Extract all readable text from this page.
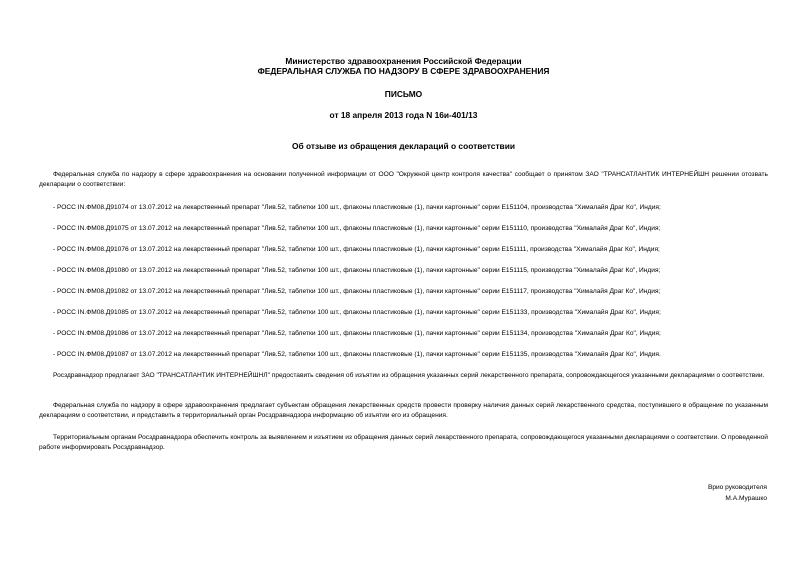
Министерство здравоохранения Российской Федерации
ФЕДЕРАЛЬНАЯ СЛУЖБА ПО НАДЗОРУ В СФЕРЕ ЗДРАВООХРАНЕНИЯ
ПИСЬМО
от 18 апреля 2013 года N 16и-401/13
Об отзыве из обращения деклараций о соответствии
Федеральная служба по надзору в сфере здравоохранения на основании полученной информации от ООО "Окружной центр контроля качества" сообщает о принятом ЗАО "ТРАНСАТЛАНТИК ИНТЕРНЕЙШН решении отозвать декларации о соответствии:
- РОСС IN.ФМ08.Д91074 от 13.07.2012 на лекарственный препарат "Лив.52, таблетки 100 шт., флаконы пластиковые (1), пачки картонные" серии Е151104, производства "Хималайя Драг Ко", Индия;
- РОСС IN.ФМ08.Д91075 от 13.07.2012 на лекарственный препарат "Лив.52, таблетки 100 шт., флаконы пластиковые (1), пачки картонные" серии Е151110, производства "Хималайя Драг Ко", Индия;
- РОСС IN.ФМ08.Д91076 от 13.07.2012 на лекарственный препарат "Лив.52, таблетки 100 шт., флаконы пластиковые (1), пачки картонные" серии Е151111, производства "Хималайя Драг Ко", Индия;
- РОСС IN.ФМ08.Д91080 от 13.07.2012 на лекарственный препарат "Лив.52, таблетки 100 шт., флаконы пластиковые (1), пачки картонные" серии Е151115, производства "Хималайя Драг Ко", Индия;
- РОСС IN.ФМ08.Д91082 от 13.07.2012 на лекарственный препарат "Лив.52, таблетки 100 шт., флаконы пластиковые (1), пачки картонные" серии Е151117, производства "Хималайя Драг Ко", Индия;
- РОСС IN.ФМ08.Д91085 от 13.07.2012 на лекарственный препарат "Лив.52, таблетки 100 шт., флаконы пластиковые (1), пачки картонные" серии Е151133, производства "Хималайя Драг Ко", Индия;
- РОСС IN.ФМ08.Д91086 от 13.07.2012 на лекарственный препарат "Лив.52, таблетки 100 шт., флаконы пластиковые (1), пачки картонные" серии Е151134, производства "Хималайя Драг Ко", Индия;
- РОСС IN.ФМ08.Д91087 от 13.07.2012 на лекарственный препарат "Лив.52, таблетки 100 шт., флаконы пластиковые (1), пачки картонные" серии Е151135, производства "Хималайя Драг Ко", Индия.
Росздравнадзор предлагает ЗАО "ТРАНСАТЛАНТИК ИНТЕРНЕЙШНЛ" предоставить сведения об изъятии из обращения указанных серий лекарственного препарата, сопровождающегося указанными декларациями о соответствии.
Федеральная служба по надзору в сфере здравоохранения предлагает субъектам обращения лекарственных средств провести проверку наличия данных серий лекарственного средства, поступившего в обращение по указанным декларациям о соответствии, и представить в территориальный орган Росздравнадзора информацию об изъятии его из обращения.
Территориальным органам Росздравнадзора обеспечить контроль за выявлением и изъятием из обращения данных серий лекарственного препарата, сопровождающегося указанными декларациями о соответствии. О проведенной работе информировать Росздравнадзор.
Врио руководителя
М.А.Мурашко
